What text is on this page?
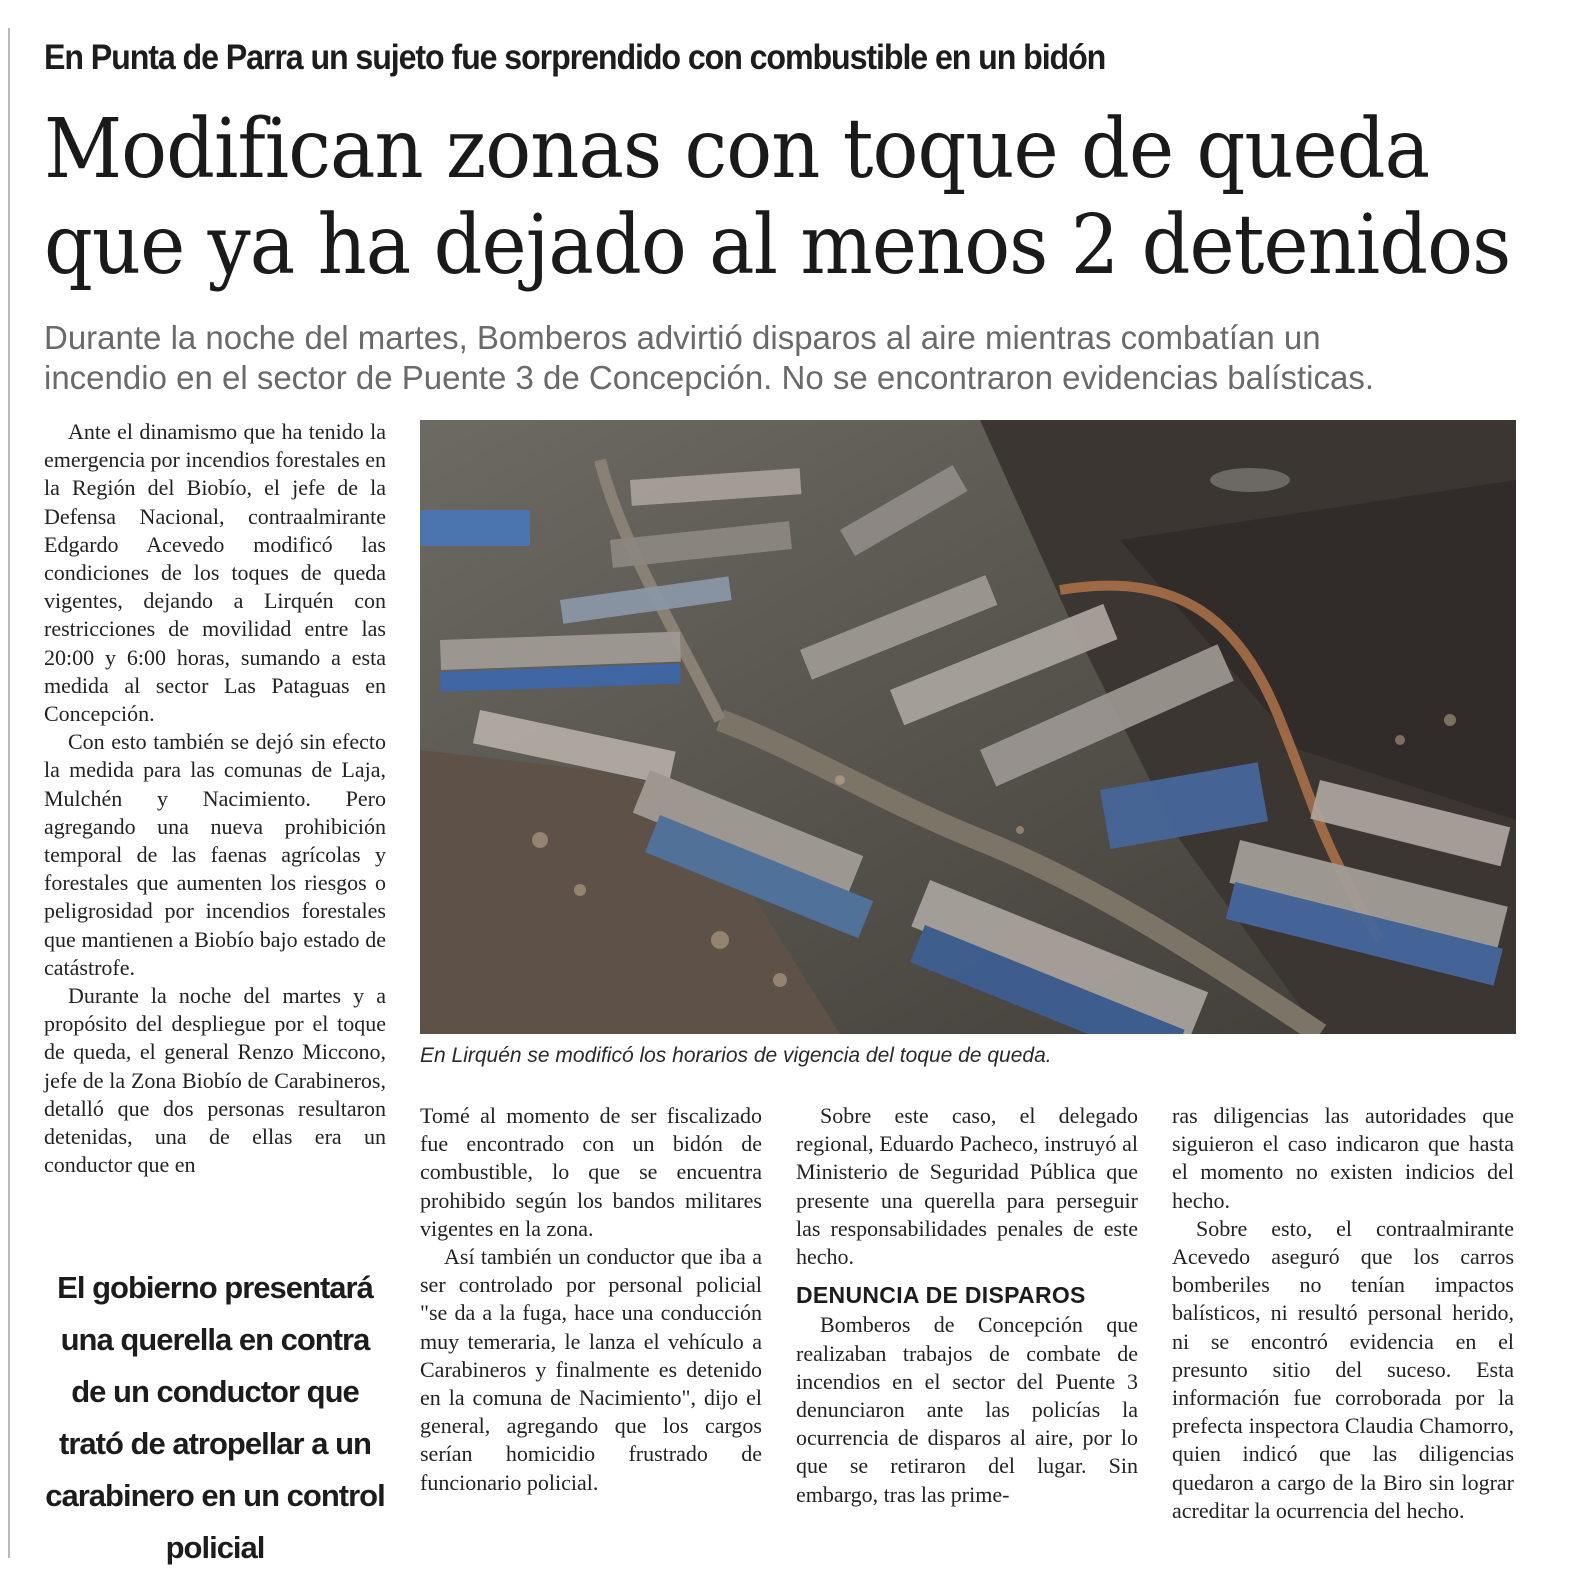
En Punta de Parra un sujeto fue sorprendido con combustible en un bidón
Modifican zonas con toque de queda
que ya ha dejado al menos 2 detenidos
Durante la noche del martes, Bomberos advirtió disparos al aire mientras combatían un
incendio en el sector de Puente 3 de Concepción. No se encontraron evidencias balísticas.

Ante el dinamismo que ha tenido la emergencia por incendios forestales en la Región del Biobío, el jefe de la Defensa Nacional, contraalmirante Edgardo Acevedo modificó las condiciones de los toques de queda vigentes, dejando a Lirquén con restricciones de movilidad entre las 20:00 y 6:00 horas, sumando a esta medida al sector Las Pataguas en Concepción.

Con esto también se dejó sin efecto la medida para las comunas de Laja, Mulchén y Nacimiento. Pero agregando una nueva prohibición temporal de las faenas agrícolas y forestales que aumenten los riesgos o peligrosidad por incendios forestales que mantienen a Biobío bajo estado de catástrofe.

Durante la noche del martes y a propósito del despliegue por el toque de queda, el general Renzo Miccono, jefe de la Zona Biobío de Carabineros, detalló que dos personas resultaron detenidas, una de ellas era un conductor que en

El gobierno presentará una querella en contra de un conductor que trató de atropellar a un carabinero en un control policial
En Lirquén se modificó los horarios de vigencia del toque de queda.

Tomé al momento de ser fiscalizado fue encontrado con un bidón de combustible, lo que se encuentra prohibido según los bandos militares vigentes en la zona.

Así también un conductor que iba a ser controlado por personal policial "se da a la fuga, hace una conducción muy temeraria, le lanza el vehículo a Carabineros y finalmente es detenido en la comuna de Nacimiento", dijo el general, agregando que los cargos serían homicidio frustrado de funcionario policial.

Sobre este caso, el delegado regional, Eduardo Pacheco, instruyó al Ministerio de Seguridad Pública que presente una querella para perseguir las responsabilidades penales de este hecho.

DENUNCIA DE DISPAROS

Bomberos de Concepción que realizaban trabajos de combate de incendios en el sector del Puente 3 denunciaron ante las policías la ocurrencia de disparos al aire, por lo que se retiraron del lugar. Sin embargo, tras las prime-

ras diligencias las autoridades que siguieron el caso indicaron que hasta el momento no existen indicios del hecho.

Sobre esto, el contraalmirante Acevedo aseguró que los carros bomberiles no tenían impactos balísticos, ni resultó personal herido, ni se encontró evidencia en el presunto sitio del suceso. Esta información fue corroborada por la prefecta inspectora Claudia Chamorro, quien indicó que las diligencias quedaron a cargo de la Biro sin lograr acreditar la ocurrencia del hecho.
